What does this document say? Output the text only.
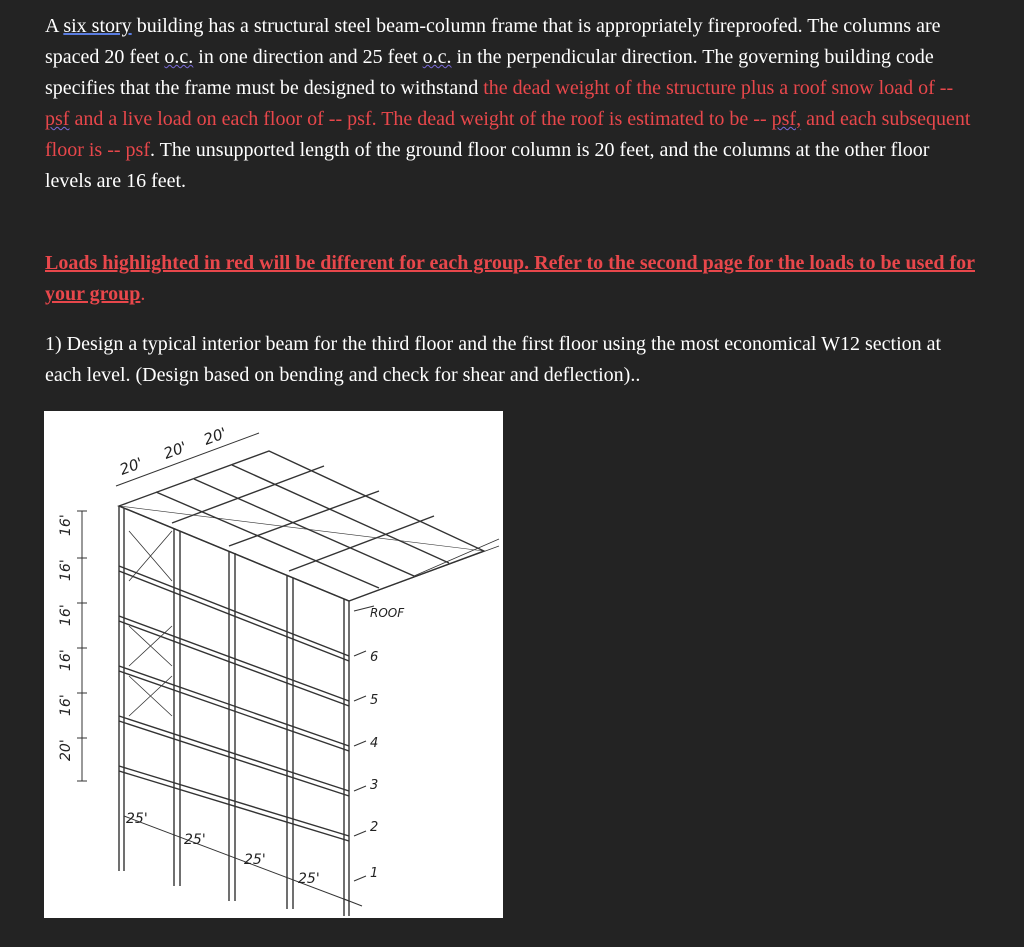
A six story building has a structural steel beam-column frame that is appropriately fireproofed. The columns are spaced 20 feet o.c. in one direction and 25 feet o.c. in the perpendicular direction. The governing building code specifies that the frame must be designed to withstand the dead weight of the structure plus a roof snow load of -- psf and a live load on each floor of -- psf. The dead weight of the roof is estimated to be -- psf, and each subsequent floor is -- psf. The unsupported length of the ground floor column is 20 feet, and the columns at the other floor levels are 16 feet.

Loads highlighted in red will be different for each group. Refer to the second page for the loads to be used for your group.

1) Design a typical interior beam for the third floor and the first floor using the most economical W12 section at each level. (Design based on bending and check for shear and deflection)..

20'
20'
20'
20'
16'
16'
16'
16'
16'
25'
25'
25'
25'
ROOF
6
5
4
3
2
1
